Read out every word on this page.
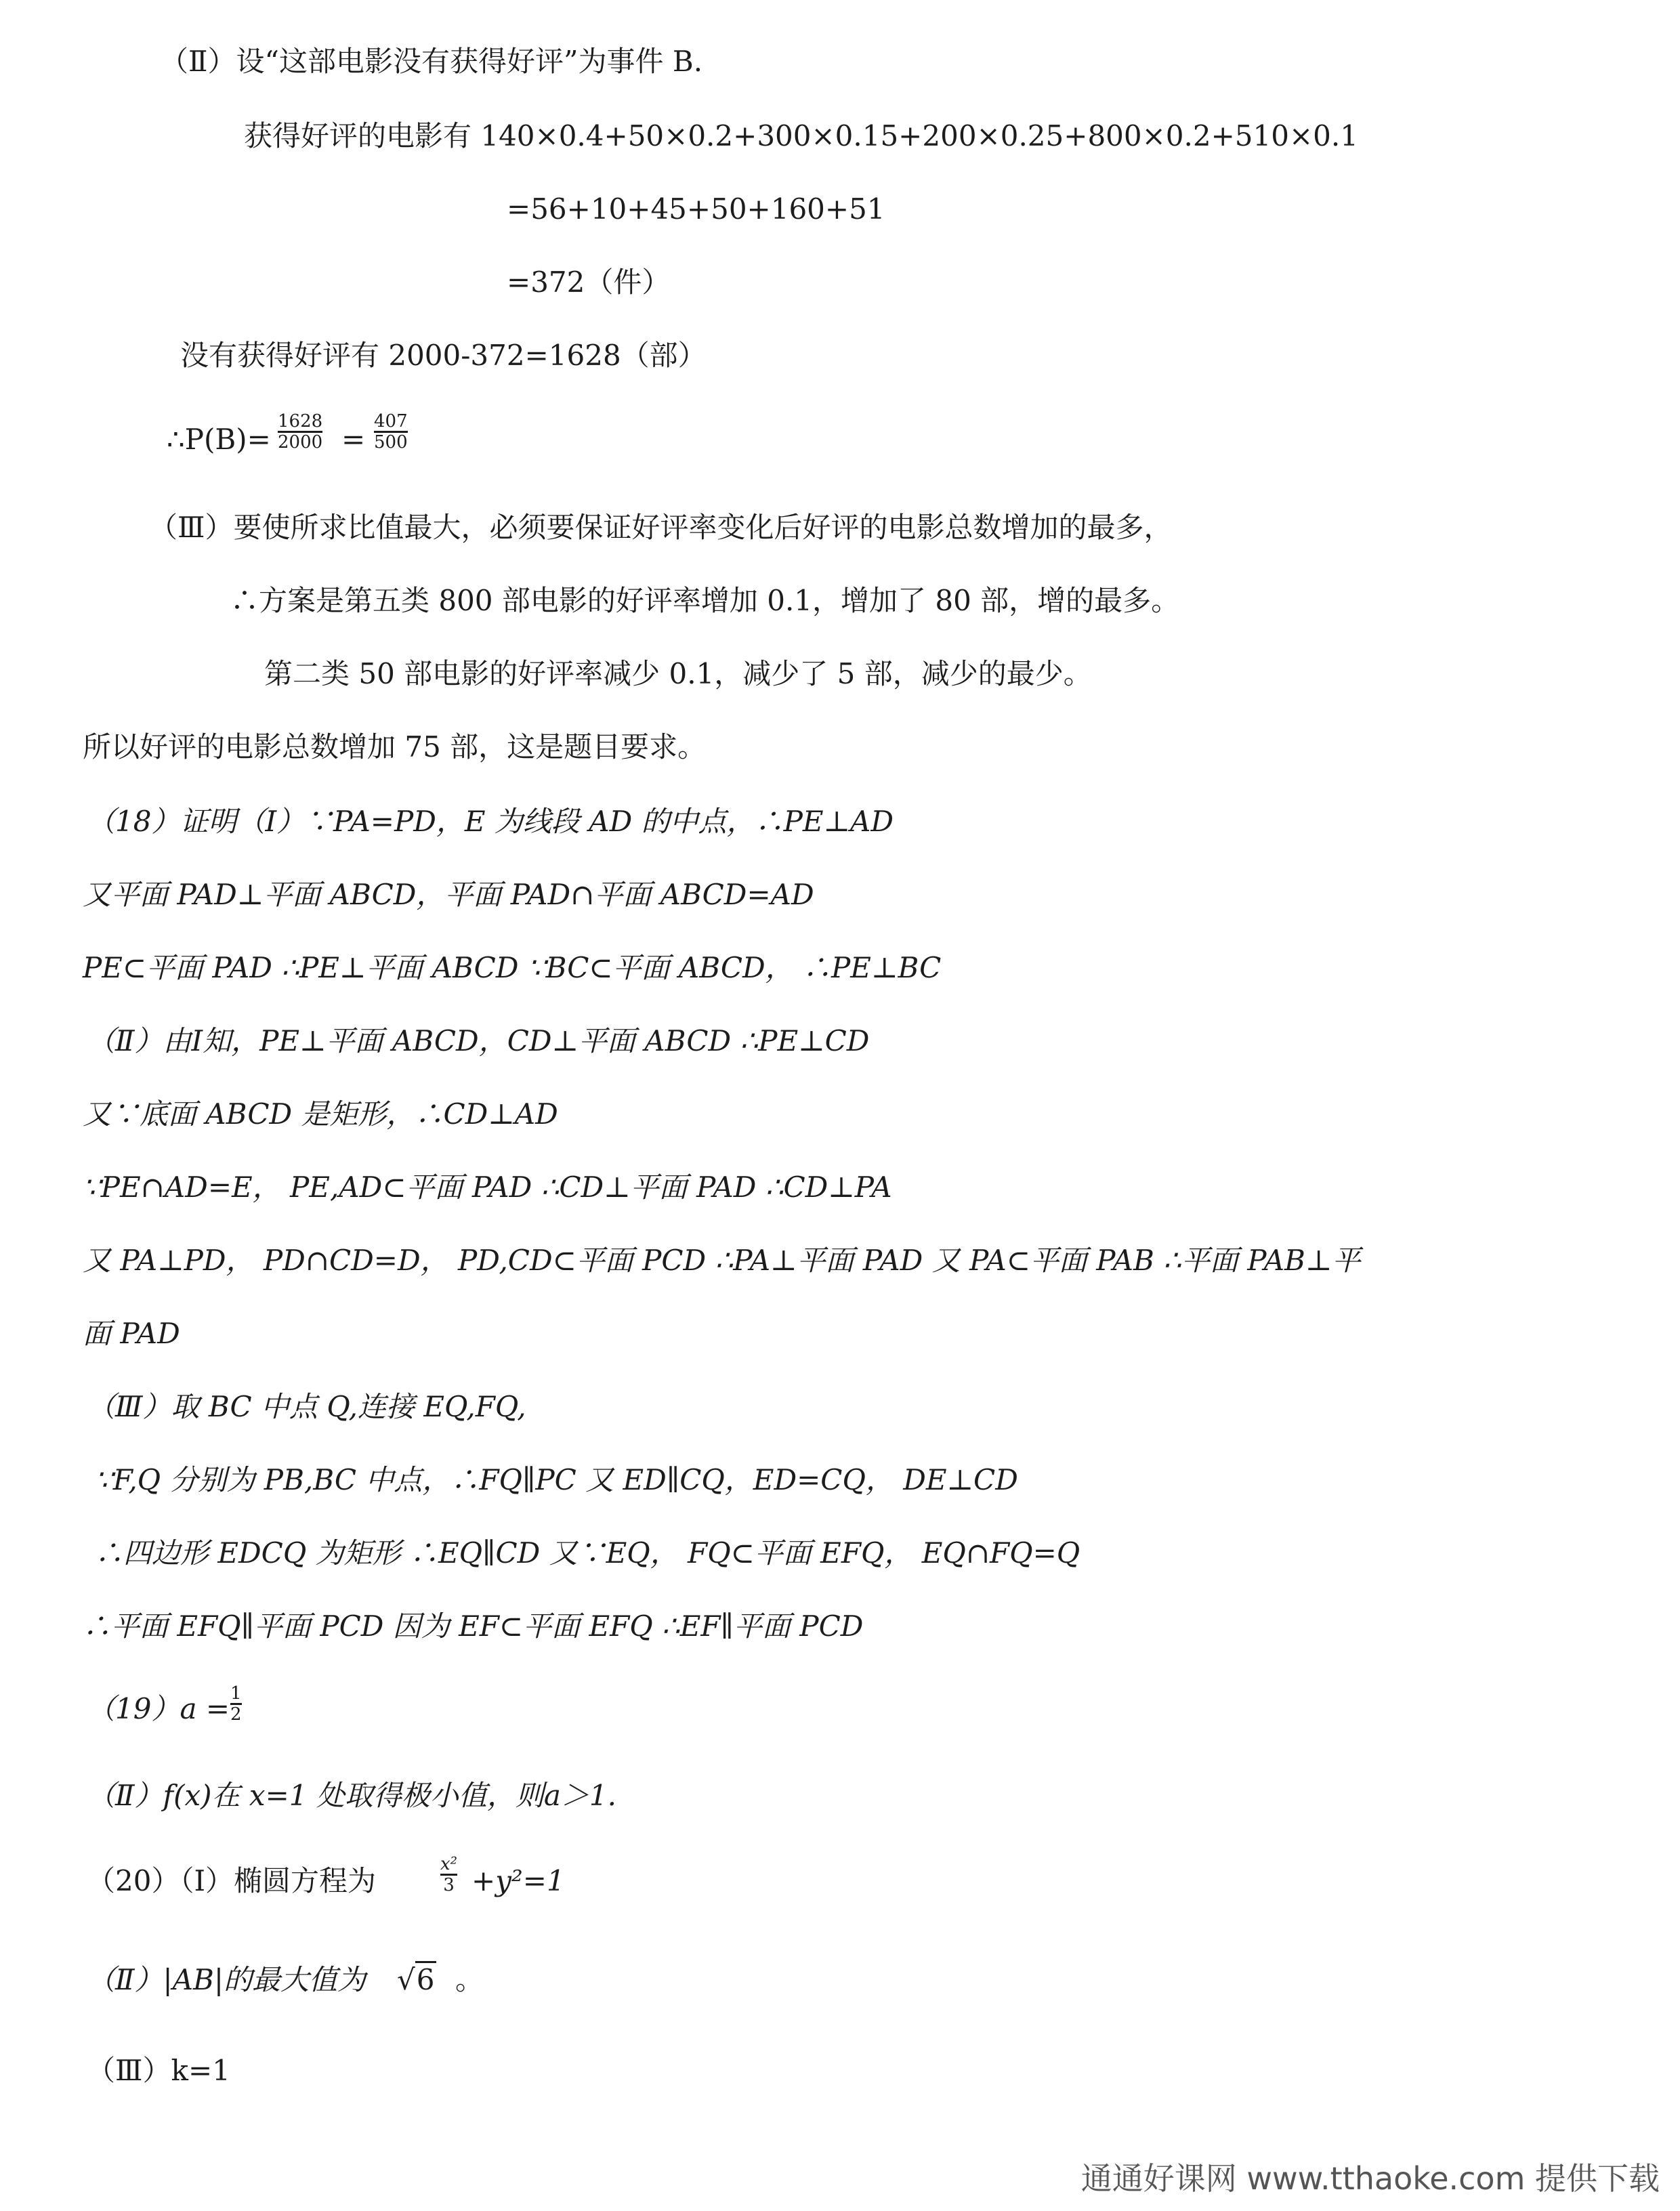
（Ⅱ）设“这部电影没有获得好评”为事件 B.
获得好评的电影有 140×0.4+50×0.2+300×0.15+200×0.25+800×0.2+510×0.1
=56+10+45+50+160+51
=372（件）
没有获得好评有 2000-372=1628（部）
∴P(B)=
1628
2000 =
407
500
（Ⅲ）要使所求比值最大，必须要保证好评率变化后好评的电影总数增加的最多，
∴方案是第五类 800 部电影的好评率增加 0.1，增加了 80 部，增的最多。
第二类 50 部电影的好评率减少 0.1，减少了 5 部，减少的最少。
所以好评的电影总数增加 75 部，这是题目要求。
（18）证明（Ⅰ）∵PA=PD，E 为线段 AD 的中点，∴PE⊥AD
又平面 PAD⊥平面 ABCD，平面 PAD∩平面 ABCD=AD
PE⊂平面 PAD ∴PE⊥平面 ABCD ∵BC⊂平面 ABCD， ∴PE⊥BC
（Ⅱ）由Ⅰ知，PE⊥平面 ABCD，CD⊥平面 ABCD ∴PE⊥CD
又∵底面 ABCD 是矩形，∴CD⊥AD
∵PE∩AD=E， PE,AD⊂平面 PAD ∴CD⊥平面 PAD ∴CD⊥PA
又 PA⊥PD， PD∩CD=D， PD,CD⊂平面 PCD ∴PA⊥平面 PAD 又 PA⊂平面 PAB ∴平面 PAB⊥平
面 PAD
（Ⅲ）取 BC 中点 Q,连接 EQ,FQ,
∵F,Q 分别为 PB,BC 中点，∴FQ∥PC 又 ED∥CQ，ED=CQ， DE⊥CD
∴四边形 EDCQ 为矩形 ∴EQ∥CD 又∵EQ， FQ⊂平面 EFQ， EQ∩FQ=Q
∴平面 EFQ∥平面 PCD 因为 EF⊂平面 EFQ ∴EF∥平面 PCD
（19）a = 1
2
（Ⅱ）f(x)在 x=1 处取得极小值，则a＞1.
（20）（Ⅰ）椭圆方程为	x²
3 +y²=1
（Ⅱ）|AB|的最大值为 √6 。
（Ⅲ）k=1
通通好课网 www.tthaoke.com 提供下载
